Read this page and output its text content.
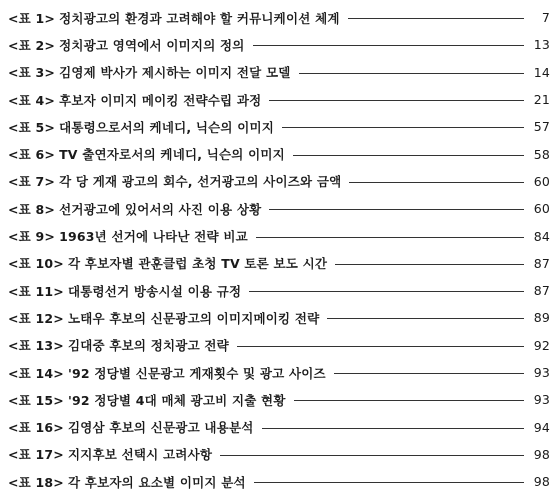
<표 1> 정치광고의 환경과 고려해야 할 커뮤니케이션 체계	7
<표 2> 정치광고 영역에서 이미지의 정의	13
<표 3> 김영제 박사가 제시하는 이미지 전달 모델	14
<표 4> 후보자 이미지 메이킹 전략수립 과정	21
<표 5> 대통령으로서의 케네디, 닉슨의 이미지	57
<표 6> TV 출연자로서의 케네디, 닉슨의 이미지	58
<표 7> 각 당 게재 광고의 회수, 선거광고의 사이즈와 금액	60
<표 8> 선거광고에 있어서의 사진 이용 상황	60
<표 9> 1963년 선거에 나타난 전략 비교	84
<표 10> 각 후보자별 관훈클럽 초청 TV 토론 보도 시간	87
<표 11> 대통령선거 방송시설 이용 규정	87
<표 12> 노태우 후보의 신문광고의 이미지메이킹 전략	89
<표 13> 김대중 후보의 정치광고 전략	92
<표 14> '92 정당별 신문광고 게재횟수 및 광고 사이즈	93
<표 15> '92 정당별 4대 매체 광고비 지출 현황	93
<표 16> 김영삼 후보의 신문광고 내용분석	94
<표 17> 지지후보 선택시 고려사항	98
<표 18> 각 후보자의 요소별 이미지 분석	98
